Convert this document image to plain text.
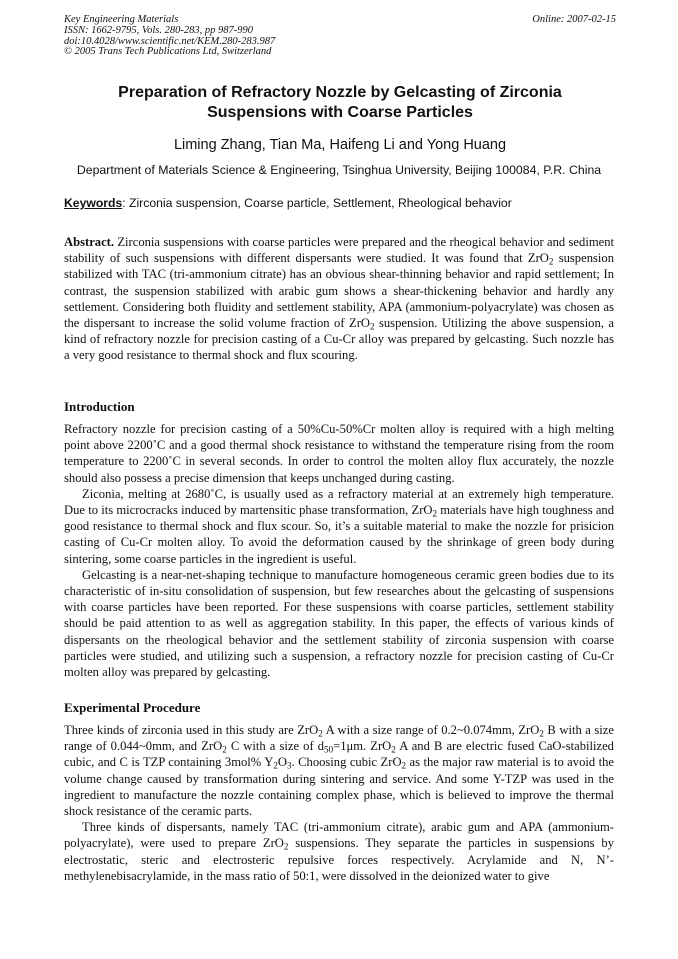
Key Engineering Materials	Online: 2007-02-15
ISSN: 1662-9795, Vols. 280-283, pp 987-990
doi:10.4028/www.scientific.net/KEM.280-283.987
© 2005 Trans Tech Publications Ltd, Switzerland
Preparation of Refractory Nozzle by Gelcasting of Zirconia
Suspensions with Coarse Particles
Liming Zhang, Tian Ma, Haifeng Li and Yong Huang
Department of Materials Science & Engineering, Tsinghua University, Beijing 100084, P.R. China
Keywords: Zirconia suspension, Coarse particle, Settlement, Rheological behavior

Abstract. Zirconia suspensions with coarse particles were prepared and the rheogical behavior and sediment stability of such suspensions with different dispersants were studied. It was found that ZrO$_2$ suspension stabilized with TAC (tri-ammonium citrate) has an obvious shear-thinning behavior and rapid settlement; In contrast, the suspension stabilized with arabic gum shows a shear-thickening behavior and hardly any settlement. Considering both fluidity and settlement stability, APA (ammonium-polyacrylate) was chosen as the dispersant to increase the solid volume fraction of ZrO$_2$ suspension. Utilizing the above suspension, a kind of refractory nozzle for precision casting of a Cu-Cr alloy was prepared by gelcasting. Such nozzle has a very good resistance to thermal shock and flux scouring.

Introduction

Refractory nozzle for precision casting of a 50%Cu-50%Cr molten alloy is required with a high melting point above 2200˚C and a good thermal shock resistance to withstand the temperature rising from the room temperature to 2200˚C in several seconds. In order to control the molten alloy flux accurately, the nozzle should also possess a precise dimension that keeps unchanged during casting.

Ziconia, melting at 2680˚C, is usually used as a refractory material at an extremely high temperature. Due to its microcracks induced by martensitic phase transformation, ZrO$_2$ materials have high toughness and good resistance to thermal shock and flux scour. So, it’s a suitable material to make the nozzle for prisicion casting of Cu-Cr molten alloy. To avoid the deformation caused by the shrinkage of green body during sintering, some coarse particles in the ingredient is useful.

Gelcasting is a near-net-shaping technique to manufacture homogeneous ceramic green bodies due to its characteristic of in-situ consolidation of suspension, but few researches about the gelcasting of suspensions with coarse particles have been reported. For these suspensions with coarse particles, settlement stability should be paid attention to as well as aggregation stability. In this paper, the effects of various kinds of dispersants on the rheological behavior and the settlement stability of zirconia suspension with coarse particles were studied, and utilizing such a suspension, a refractory nozzle for precision casting of Cu-Cr molten alloy was prepared by gelcasting.

Experimental Procedure

Three kinds of zirconia used in this study are ZrO$_2$ A with a size range of 0.2~0.074mm, ZrO$_2$ B with a size range of 0.044~0mm, and ZrO$_2$ C with a size of $d_{50}=1\mu m$. ZrO$_2$ A and B are electric fused CaO-stabilized cubic, and C is TZP containing 3mol% $Y_2O_3$. Choosing cubic ZrO$_2$ as the major raw material is to avoid the volume change caused by transformation during sintering and service. And some Y-TZP was used in the ingredient to manufacture the nozzle containing complex phase, which is believed to improve the thermal shock resistance of the ceramic parts.

Three kinds of dispersants, namely TAC (tri-ammonium citrate), arabic gum and APA (ammonium-polyacrylate), were used to prepare ZrO$_2$ suspensions. They separate the particles in suspensions by electrostatic, steric and electrosteric repulsive forces respectively. Acrylamide and N, N’- methylenebisacrylamide, in the mass ratio of 50:1, were dissolved in the deionized water to give
